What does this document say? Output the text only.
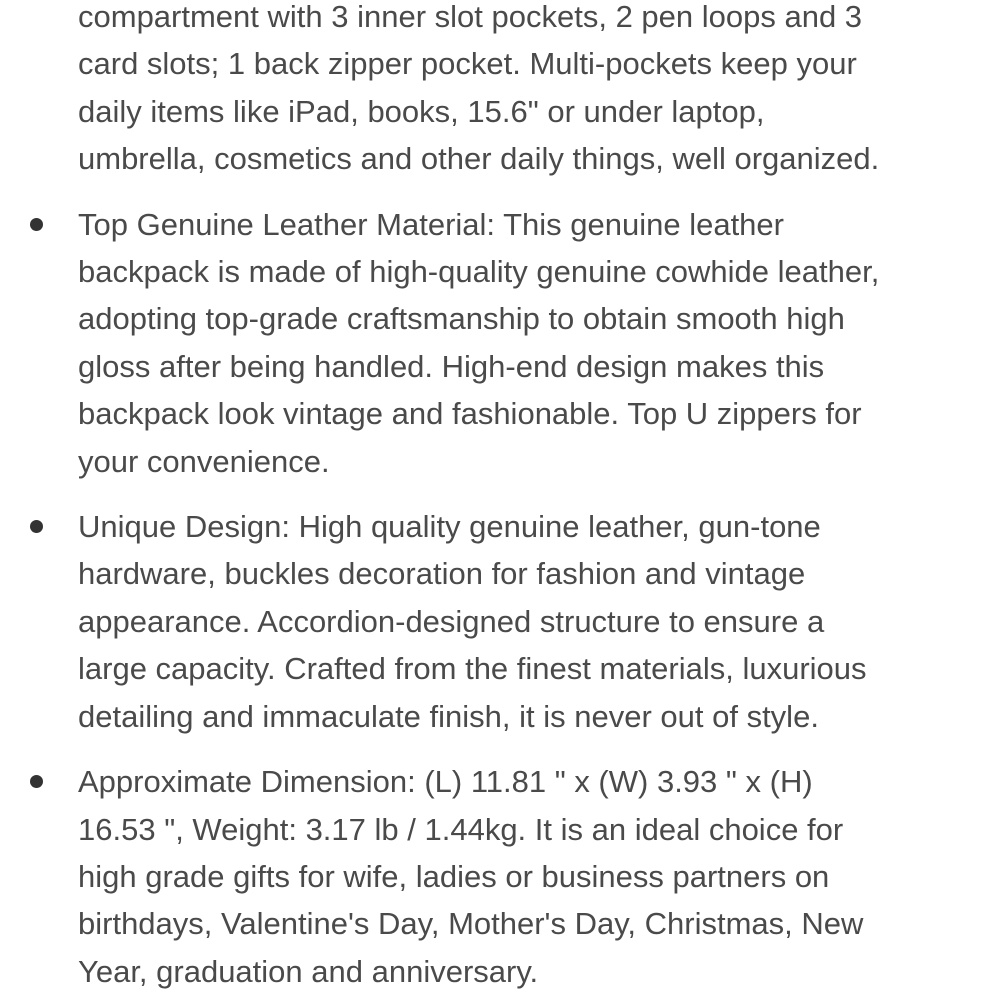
compartment with 3 inner slot pockets, 2 pen loops and 3
card slots; 1 back zipper pocket. Multi-pockets keep your
daily items like iPad, books, 15.6" or under laptop,
umbrella, cosmetics and other daily things, well organized.
Top Genuine Leather Material: This genuine leather
backpack is made of high-quality genuine cowhide leather,
adopting top-grade craftsmanship to obtain smooth high
gloss after being handled. High-end design makes this
backpack look vintage and fashionable. Top U zippers for
your convenience.
Unique Design: High quality genuine leather, gun-tone
hardware, buckles decoration for fashion and vintage
appearance. Accordion-designed structure to ensure a
large capacity. Crafted from the finest materials, luxurious
detailing and immaculate finish, it is never out of style.
Approximate Dimension: (L) 11.81 " x (W) 3.93 " x (H)
16.53 ", Weight: 3.17 lb / 1.44kg. It is an ideal choice for
high grade gifts for wife, ladies or business partners on
birthdays, Valentine's Day, Mother's Day, Christmas, New
Year, graduation and anniversary.
